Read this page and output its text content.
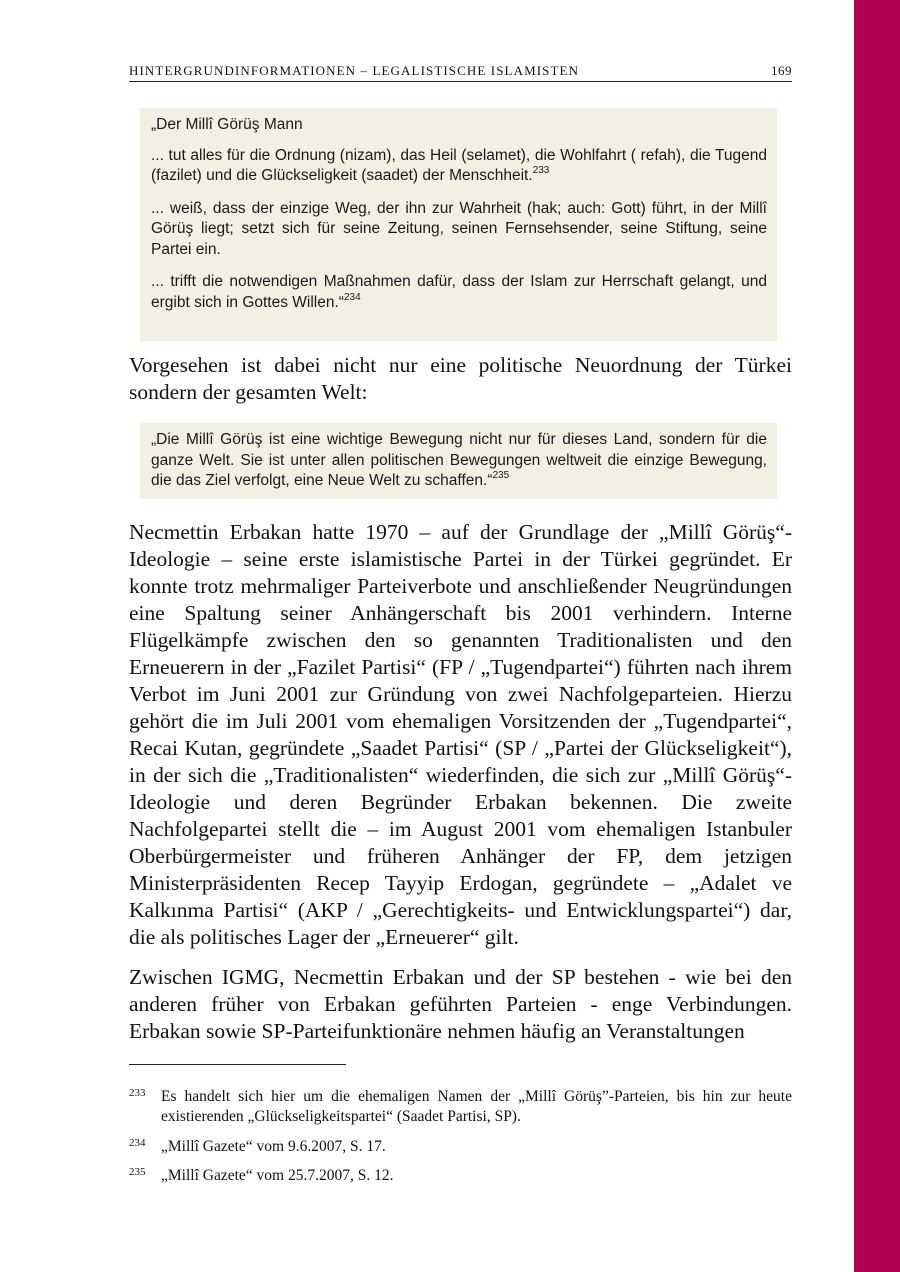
HINTERGRUNDINFORMATIONEN – LEGALISTISCHE ISLAMISTEN	169

„Der Millî Görüş Mann

... tut alles für die Ordnung (nizam), das Heil (selamet), die Wohlfahrt ( refah), die Tugend (fazilet) und die Glückseligkeit (saadet) der Menschheit.$^{233}$

... weiß, dass der einzige Weg, der ihn zur Wahrheit (hak; auch: Gott) führt, in der Millî Görüş liegt; setzt sich für seine Zeitung, seinen Fernsehsender, seine Stiftung, seine Partei ein.

... trifft die notwendigen Maßnahmen dafür, dass der Islam zur Herrschaft gelangt, und ergibt sich in Gottes Willen.“$^{234}$

Vorgesehen ist dabei nicht nur eine politische Neuordnung der Türkei sondern der gesamten Welt:

„Die Millî Görüş ist eine wichtige Bewegung nicht nur für dieses Land, sondern für die ganze Welt. Sie ist unter allen politischen Bewegungen weltweit die einzige Bewegung, die das Ziel verfolgt, eine Neue Welt zu schaffen.“$^{235}$

Necmettin Erbakan hatte 1970 – auf der Grundlage der „Millî Görüş“-Ideologie – seine erste islamistische Partei in der Türkei gegründet. Er konnte trotz mehrmaliger Parteiverbote und anschließender Neugründungen eine Spaltung seiner Anhängerschaft bis 2001 verhindern. Interne Flügelkämpfe zwischen den so genannten Traditionalisten und den Erneuerern in der „Fazilet Partisi“ (FP / „Tugendpartei“) führten nach ihrem Verbot im Juni 2001 zur Gründung von zwei Nachfolgeparteien. Hierzu gehört die im Juli 2001 vom ehemaligen Vorsitzenden der „Tugendpartei“, Recai Kutan, gegründete „Saadet Partisi“ (SP / „Partei der Glückseligkeit“), in der sich die „Traditionalisten“ wiederfinden, die sich zur „Millî Görüş“-Ideologie und deren Begründer Erbakan bekennen. Die zweite Nachfolgepartei stellt die – im August 2001 vom ehemaligen Istanbuler Oberbürgermeister und früheren Anhänger der FP, dem jetzigen Ministerpräsidenten Recep Tayyip Erdogan, gegründete – „Adalet ve Kalkınma Partisi“ (AKP / „Gerechtigkeits- und Entwicklungspartei“) dar, die als politisches Lager der „Erneuerer“ gilt.

Zwischen IGMG, Necmettin Erbakan und der SP bestehen - wie bei den anderen früher von Erbakan geführten Parteien - enge Verbindungen. Erbakan sowie SP-Parteifunktionäre nehmen häufig an Veranstaltungen

233 Es handelt sich hier um die ehemaligen Namen der „Millî Görüş”-Parteien, bis hin zur heute existierenden „Glückseligkeitspartei“ (Saadet Partisi, SP).
234 „Millî Gazete“ vom 9.6.2007, S. 17.
235 „Millî Gazete“ vom 25.7.2007, S. 12.
